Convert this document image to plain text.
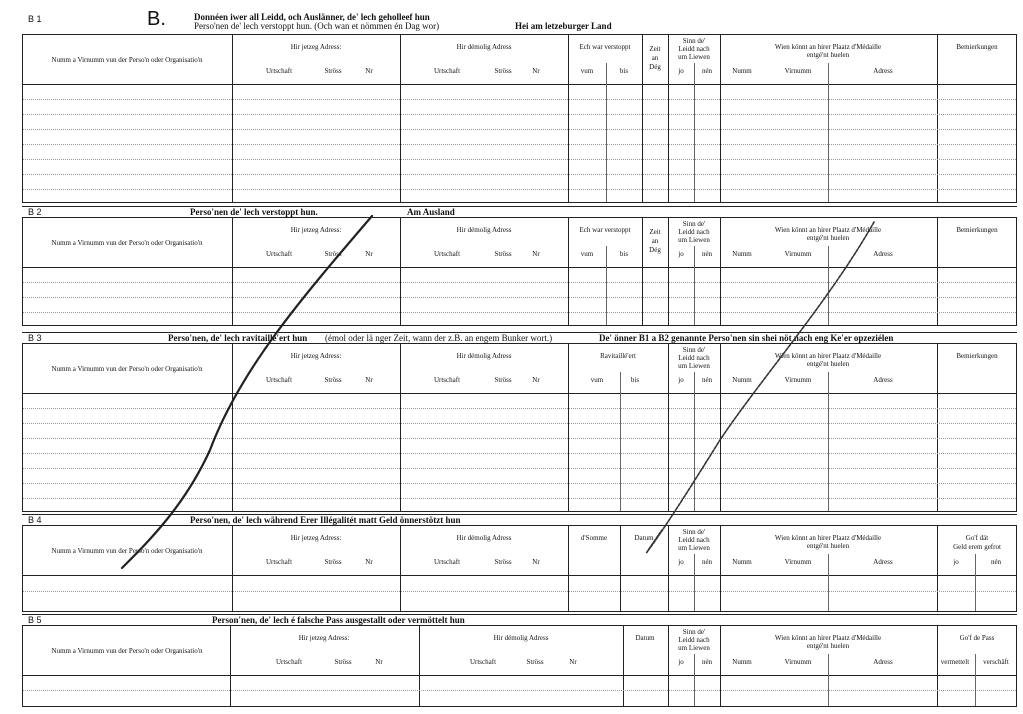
B 1	B.	Donnéen iwer all Leidd, och Auslänner, de' lech geholleef hun
Perso'nen de' lech verstoppt hun. (Och wan et nömmen én Dag wor)	Hei am letzeburger Land
Numm a Virnumm vun der Perso'n oder Organisatio'n
Hir jetzeg Adress:
Urtschaft	Ströss	Nr
Hir démolig Adress
Urtschaft	Ströss	Nr
Ech war verstoppt
vum	bis
Zeit
an
Dég
Sinn de'
Leidd nach
um Liewen
jo	nén
Wien könnt an hirer Plaatz d'Médaille
entgé'nt huelen
Numm	Virnumm	Adress
Bemierkungen
B 2	Perso'nen de' lech verstoppt hun.	Am Ausland
Numm a Virnumm vun der Perso'n oder Organisatio'n
Hir jetzeg Adress:
Urtschaft	Ströss	Nr
Hir démolig Adress
Urtschaft	Ströss	Nr
Ech war verstoppt
vum	bis
Zeit
an
Dég
Sinn de'
Leidd nach
um Liewen
jo	nén
Wien könnt an hirer Plaatz d'Médaille
entgé'nt huelen
Numm	Virnumm	Adress
Bemierkungen
B 3	Perso'nen, de' lech ravitaillé'ert hun (émol oder lä nger Zeit, wann der z.B. an engem Bunker wort.)	De' önner B1 a B2 genannte Perso'nen sin shei nöt nach eng Ke'er opzeziélen
Numm a Virnumm vun der Perso'n oder Organisatio'n
Hir jetzeg Adress:
Urtschaft	Ströss	Nr
Hir démolig Adress
Urtschaft	Ströss	Nr
Ravitaillé'ert
vum	bis
Sinn de'
Leidd nach
um Liewen
jo	nén
Wien könnt an hirer Plaatz d'Médaille
entgé'nt huelen
Numm	Virnumm	Adress
Bemierkungen
B 4	Perso'nen, de' lech während Erer Illégalitét matt Geld önnerstötzt hun
Numm a Virnumm vun der Perso'n oder Organisatio'n
Hir jetzeg Adress:
Urtschaft	Ströss	Nr
Hir démolig Adress
Urtschaft	Ströss	Nr
d'Somme	Datum
Sinn de'
Leidd nach
um Liewen
jo	nén
Wien könnt an hirer Plaatz d'Médaille
entgé'nt huelen
Numm	Virnumm	Adress
Go'f dät
Geld erem gefrot
jo	nén
B 5	Person'nen, de' lech é falsche Pass ausgestallt oder vermöttelt hun
Numm a Virnumm vun der Perso'n oder Organisatio'n
Hir jetzeg Adress:
Urtschaft	Ströss	Nr
Hir démolig Adress
Urtschaft	Ströss	Nr
Datum
Sinn de'
Leidd nach
um Liewen
jo	nén
Wien könnt an hirer Plaatz d'Médaille
entgé'nt huelen
Numm	Virnumm	Adress
Go'f de Pass
vermettelt verschäft
